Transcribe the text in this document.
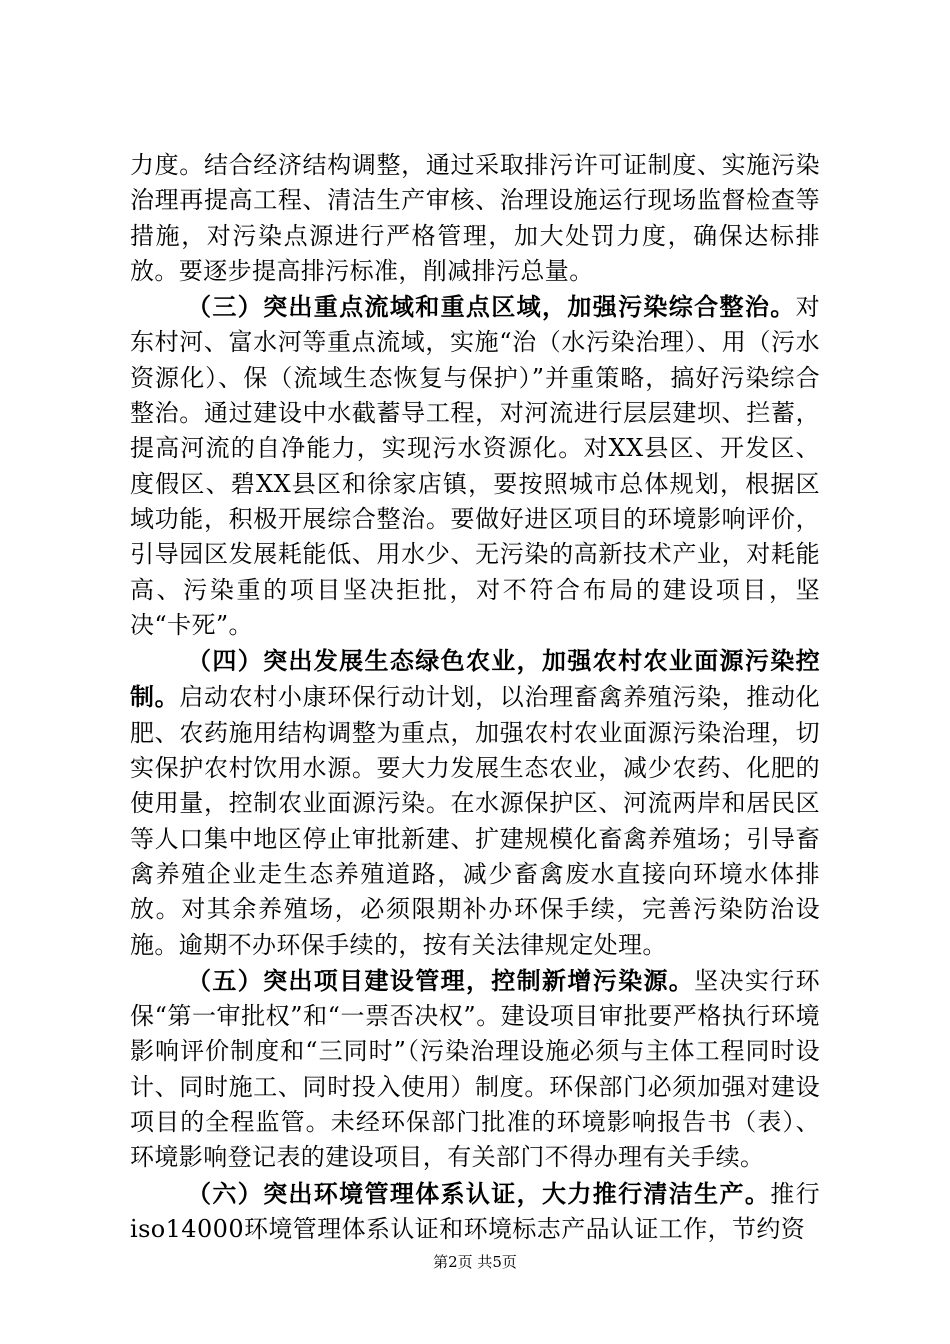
力度。结合经济结构调整，通过采取排污许可证制度、实施污染治理再提高工程、清洁生产审核、治理设施运行现场监督检查等措施，对污染点源进行严格管理，加大处罚力度，确保达标排放。要逐步提高排污标准，削减排污总量。

（三）突出重点流域和重点区域，加强污染综合整治。对东村河、富水河等重点流域，实施“治（水污染治理）、用（污水资源化）、保（流域生态恢复与保护）”并重策略，搞好污染综合整治。通过建设中水截蓄导工程，对河流进行层层建坝、拦蓄，提高河流的自净能力，实现污水资源化。对XX县区、开发区、度假区、碧XX县区和徐家店镇，要按照城市总体规划，根据区域功能，积极开展综合整治。要做好进区项目的环境影响评价，引导园区发展耗能低、用水少、无污染的高新技术产业，对耗能高、污染重的项目坚决拒批，对不符合布局的建设项目，坚决“卡死”。

（四）突出发展生态绿色农业，加强农村农业面源污染控制。启动农村小康环保行动计划，以治理畜禽养殖污染，推动化肥、农药施用结构调整为重点，加强农村农业面源污染治理，切实保护农村饮用水源。要大力发展生态农业，减少农药、化肥的使用量，控制农业面源污染。在水源保护区、河流两岸和居民区等人口集中地区停止审批新建、扩建规模化畜禽养殖场；引导畜禽养殖企业走生态养殖道路，减少畜禽废水直接向环境水体排放。对其余养殖场，必须限期补办环保手续，完善污染防治设施。逾期不办环保手续的，按有关法律规定处理。

（五）突出项目建设管理，控制新增污染源。坚决实行环保“第一审批权”和“一票否决权”。建设项目审批要严格执行环境影响评价制度和“三同时”（污染治理设施必须与主体工程同时设计、同时施工、同时投入使用）制度。环保部门必须加强对建设项目的全程监管。未经环保部门批准的环境影响报告书（表）、环境影响登记表的建设项目，有关部门不得办理有关手续。

（六）突出环境管理体系认证，大力推行清洁生产。推行iso14000环境管理体系认证和环境标志产品认证工作，节约资

第2页 共5页
